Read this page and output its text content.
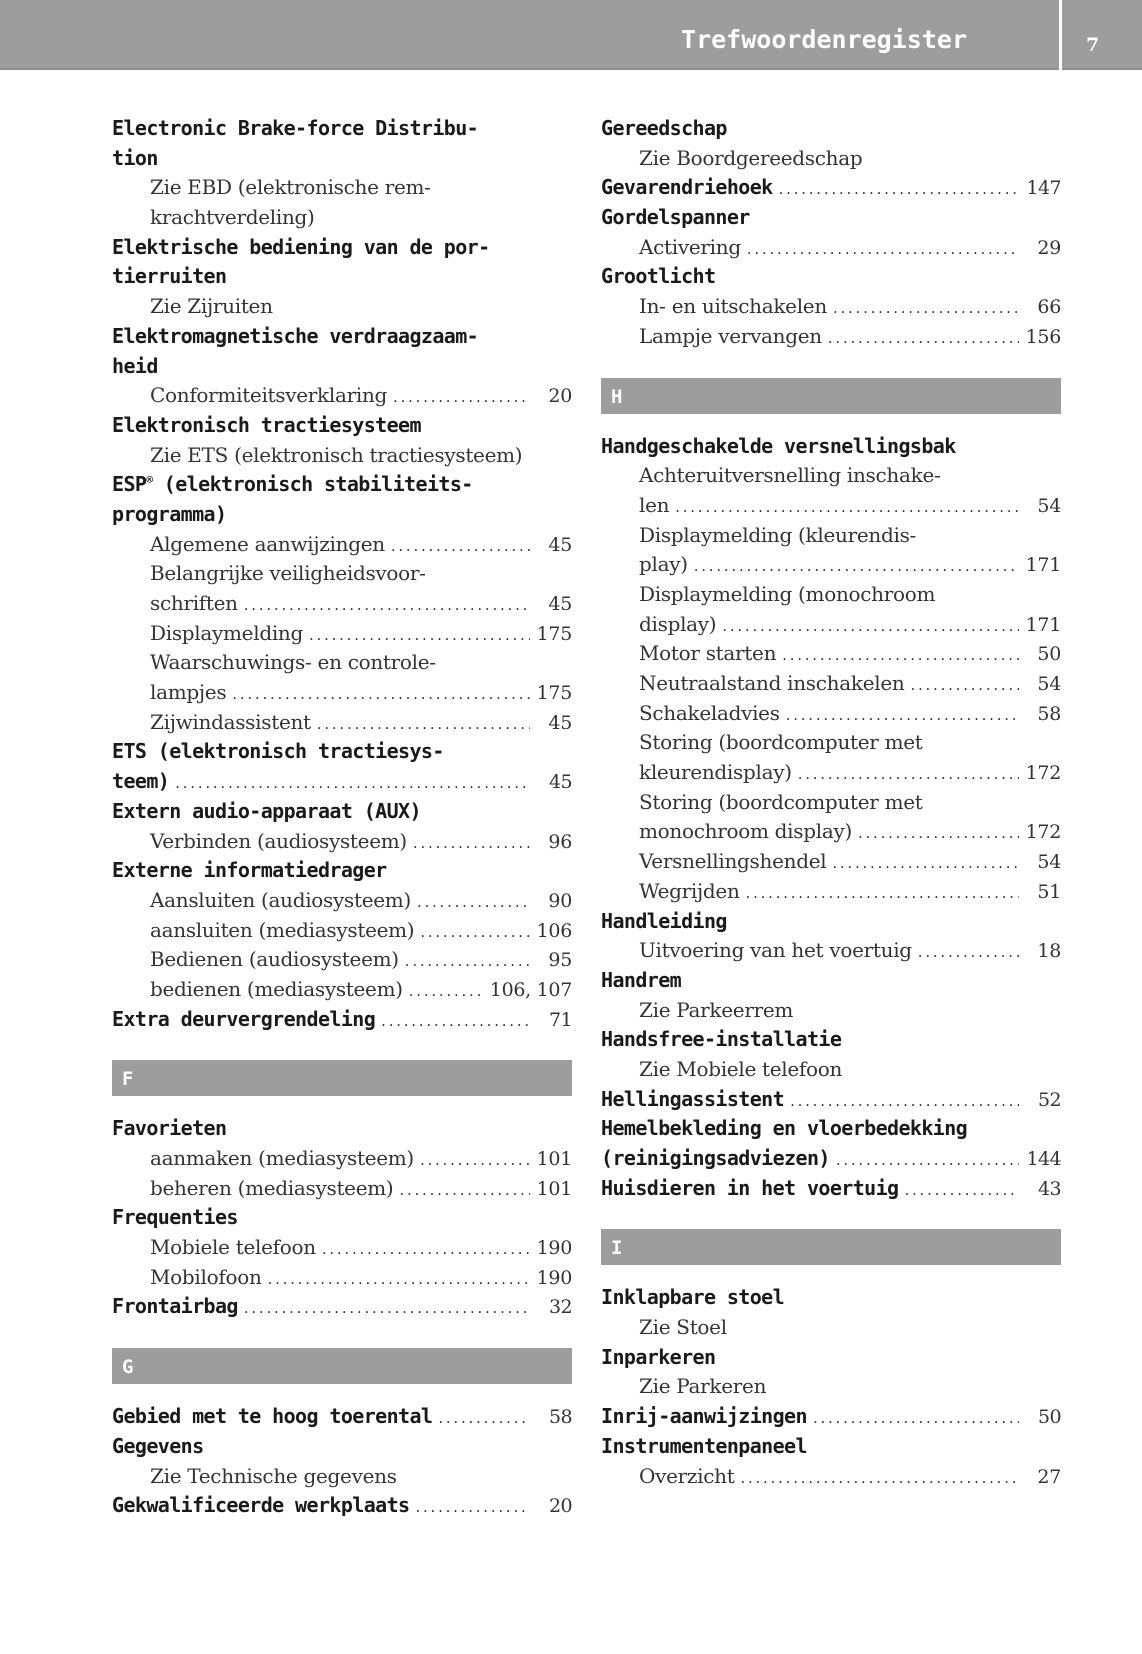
Trefwoordenregister	7
Electronic Brake-force Distribu-
tion
Zie EBD (elektronische rem-
krachtverdeling)
Elektrische bediening van de por-
tierruiten
Zie Zijruiten
Elektromagnetische verdraagzaam-
heid
Conformiteitsverklaring . . .	20
Elektronisch tractiesysteem
Zie ETS (elektronisch tractiesysteem)
ESP® (elektronisch stabiliteits-
programma)
Algemene aanwijzingen . . .	45
Belangrijke veiligheidsvoor-
schriften . . .	45
Displaymelding . . .	175
Waarschuwings- en controle-
lampjes . . .	175
Zijwindassistent . . .	45
ETS (elektronisch tractiesys-
teem) . . .	45
Extern audio-apparaat (AUX)
Verbinden (audiosysteem) . . .	96
Externe informatiedrager
Aansluiten (audiosysteem) . . .	90
aansluiten (mediasysteem) . . .	106
Bedienen (audiosysteem) . . .	95
bedienen (mediasysteem) . . .	106, 107
Extra deurvergrendeling . . .	71
F
Favorieten
aanmaken (mediasysteem) . . .	101
beheren (mediasysteem) . . .	101
Frequenties
Mobiele telefoon . . .	190
Mobilofoon . . .	190
Frontairbag . . .	32
G
Gebied met te hoog toerental . . .	58
Gegevens
Zie Technische gegevens
Gekwalificeerde werkplaats . . .	20
Gereedschap
Zie Boordgereedschap
Gevarendriehoek . . .	147
Gordelspanner
Activering . . .	29
Grootlicht
In- en uitschakelen . . .	66
Lampje vervangen . . .	156
H
Handgeschakelde versnellingsbak
Achteruitversnelling inschake-
len . . .	54
Displaymelding (kleurendis-
play) . . .	171
Displaymelding (monochroom
display) . . .	171
Motor starten . . .	50
Neutraalstand inschakelen . . .	54
Schakeladvies . . .	58
Storing (boordcomputer met
kleurendisplay) . . .	172
Storing (boordcomputer met
monochroom display) . . .	172
Versnellingshendel . . .	54
Wegrijden . . .	51
Handleiding
Uitvoering van het voertuig . . .	18
Handrem
Zie Parkeerrem
Handsfree-installatie
Zie Mobiele telefoon
Hellingassistent . . .	52
Hemelbekleding en vloerbedekking
(reinigingsadviezen) . . .	144
Huisdieren in het voertuig . . .	43
I
Inklapbare stoel
Zie Stoel
Inparkeren
Zie Parkeren
Inrij-aanwijzingen . . .	50
Instrumentenpaneel
Overzicht . . .	27
